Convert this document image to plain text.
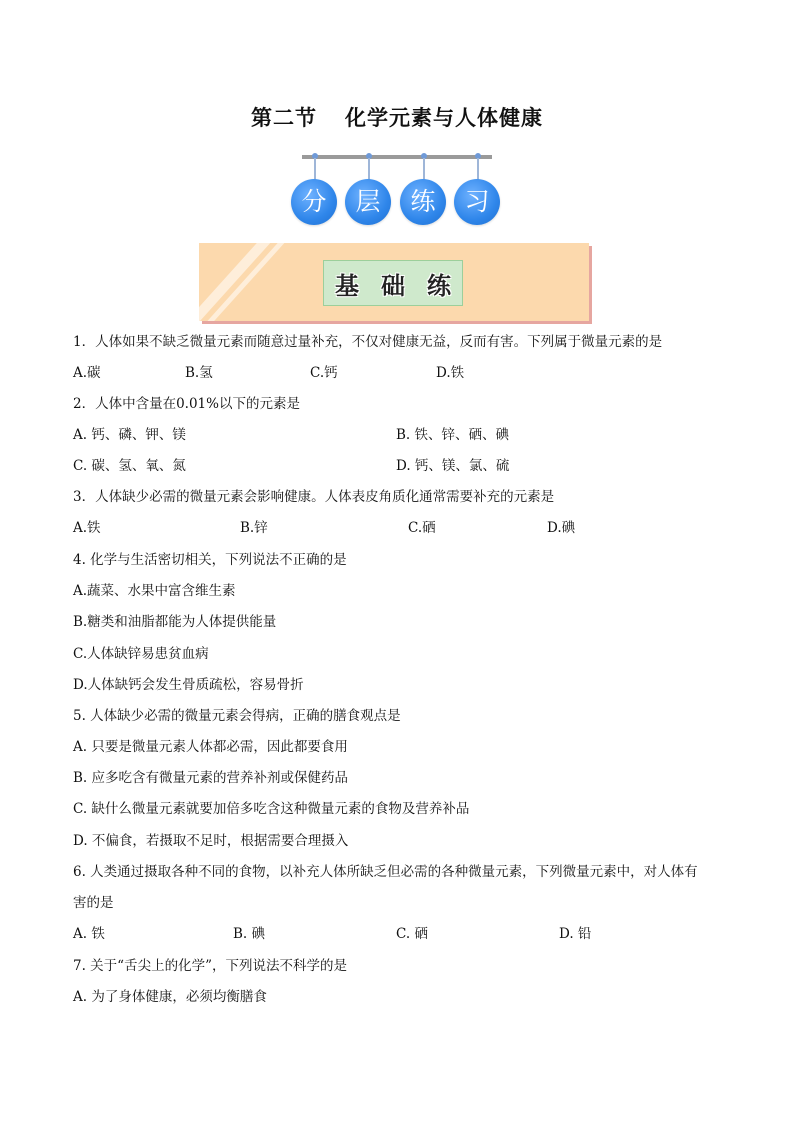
第二节 化学元素与人体健康
分	层	练	习
基 础 练
1．人体如果不缺乏微量元素而随意过量补充，不仅对健康无益，反而有害。下列属于微量元素的是
A.碳	B.氢	C.钙	D.铁
2．人体中含量在0.01%以下的元素是
A. 钙、磷、钾、镁	B. 铁、锌、硒、碘
C. 碳、氢、氧、氮	D. 钙、镁、氯、硫
3．人体缺少必需的微量元素会影响健康。人体表皮角质化通常需要补充的元素是
A.铁	B.锌	C.硒	D.碘
4. 化学与生活密切相关，下列说法不正确的是
A.蔬菜、水果中富含维生素
B.糖类和油脂都能为人体提供能量
C.人体缺锌易患贫血病
D.人体缺钙会发生骨质疏松，容易骨折
5. 人体缺少必需的微量元素会得病，正确的膳食观点是
A. 只要是微量元素人体都必需，因此都要食用
B. 应多吃含有微量元素的营养补剂或保健药品
C. 缺什么微量元素就要加倍多吃含这种微量元素的食物及营养补品
D. 不偏食，若摄取不足时，根据需要合理摄入
6. 人类通过摄取各种不同的食物，以补充人体所缺乏但必需的各种微量元素，下列微量元素中，对人体有
害的是
A. 铁	B. 碘	C. 硒	D. 铅
7. 关于“舌尖上的化学”，下列说法不科学的是
A. 为了身体健康，必须均衡膳食
